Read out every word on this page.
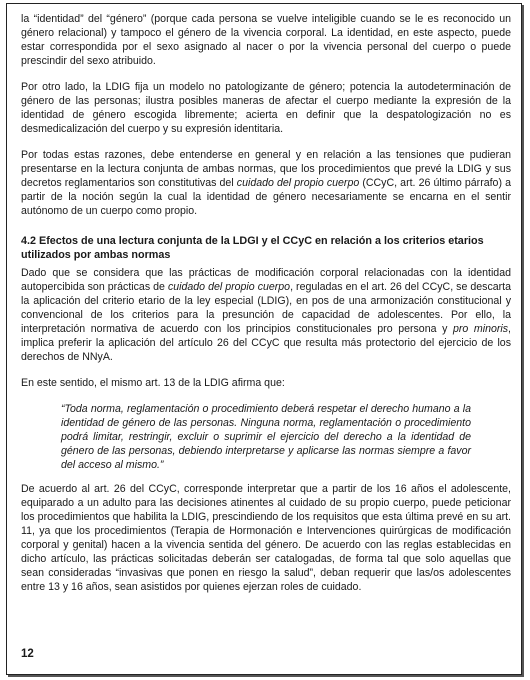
la “identidad” del “género” (porque cada persona se vuelve inteligible cuando se le es reconocido un género relacional) y tampoco el género de la vivencia corporal. La identidad, en este aspecto, puede estar correspondida por el sexo asignado al nacer o por la vivencia personal del cuerpo o puede prescindir del sexo atribuido.

Por otro lado, la LDIG fija un modelo no patologizante de género; potencia la autodeterminación de género de las personas; ilustra posibles maneras de afectar el cuerpo mediante la expresión de la identidad de género escogida libremente; acierta en definir que la despatologización no es desmedicalización del cuerpo y su expresión identitaria.

Por todas estas razones, debe entenderse en general y en relación a las tensiones que pudieran presentarse en la lectura conjunta de ambas normas, que los procedimientos que prevé la LDIG y sus decretos reglamentarios son constitutivas del cuidado del propio cuerpo (CCyC, art. 26 último párrafo) a partir de la noción según la cual la identidad de género necesariamente se encarna en el sentir autónomo de un cuerpo como propio.

4.2 Efectos de una lectura conjunta de la LDGI y el CCyC en relación a los criterios etarios utilizados por ambas normas

Dado que se considera que las prácticas de modificación corporal relacionadas con la identidad autopercibida son prácticas de cuidado del propio cuerpo, reguladas en el art. 26 del CCyC, se descarta la aplicación del criterio etario de la ley especial (LDIG), en pos de una armonización constitucional y convencional de los criterios para la presunción de capacidad de adolescentes. Por ello, la interpretación normativa de acuerdo con los principios constitucionales pro persona y pro minoris, implica preferir la aplicación del artículo 26 del CCyC que resulta más protectorio del ejercicio de los derechos de NNyA.

En este sentido, el mismo art. 13 de la LDIG afirma que:

“Toda norma, reglamentación o procedimiento deberá respetar el derecho humano a la identidad de género de las personas. Ninguna norma, reglamentación o procedimiento podrá limitar, restringir, excluir o suprimir el ejercicio del derecho a la identidad de género de las personas, debiendo interpretarse y aplicarse las normas siempre a favor del acceso al mismo.”

De acuerdo al art. 26 del CCyC, corresponde interpretar que a partir de los 16 años el adolescente, equiparado a un adulto para las decisiones atinentes al cuidado de su propio cuerpo, puede peticionar los procedimientos que habilita la LDIG, prescindiendo de los requisitos que esta última prevé en su art. 11, ya que los procedimientos (Terapia de Hormonación e Intervenciones quirúrgicas de modificación corporal y genital) hacen a la vivencia sentida del género. De acuerdo con las reglas establecidas en dicho artículo, las prácticas solicitadas deberán ser catalogadas, de forma tal que solo aquellas que sean consideradas “invasivas que ponen en riesgo la salud”, deban requerir que las/os adolescentes entre 13 y 16 años, sean asistidos por quienes ejerzan roles de cuidado.

12
